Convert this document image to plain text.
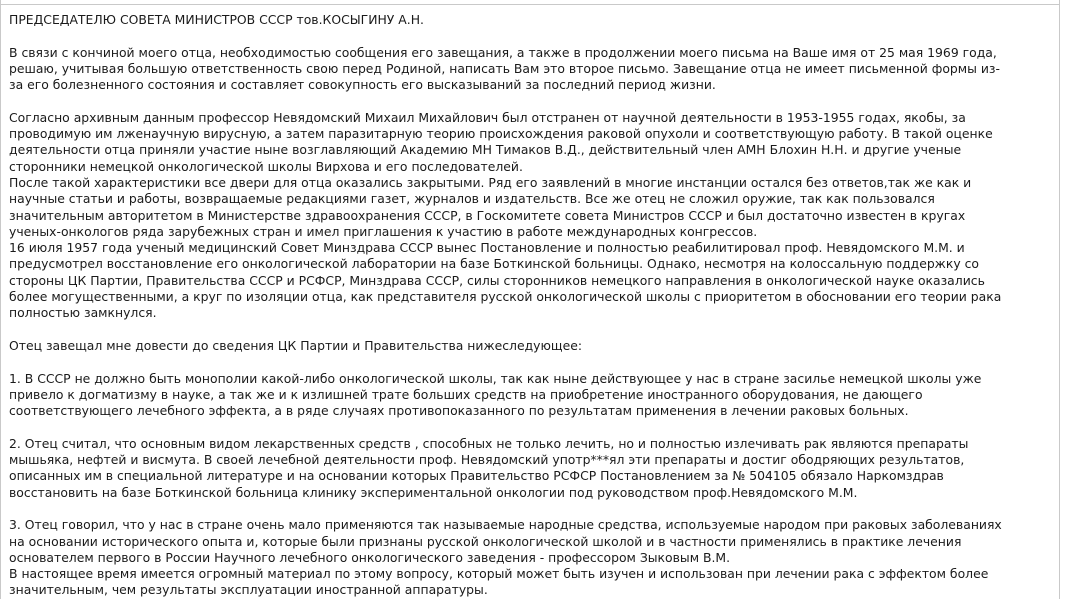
ПРЕДСЕДАТЕЛЮ СОВЕТА МИНИСТРОВ СССР тов.КОСЫГИНУ А.Н.

В связи с кончиной моего отца, необходимостью сообщения его завещания, а также в продолжении моего письма на Ваше имя от 25 мая 1969 года,

решаю, учитывая большую ответственность свою перед Родиной, написать Вам это второе письмо. Завещание отца не имеет письменной формы из-

за его болезненного состояния и составляет совокупность его высказываний за последний период жизни.

Согласно архивным данным профессор Невядомский Михаил Михайлович был отстранен от научной деятельности в 1953-1955 годах, якобы, за

проводимую им лженаучную вирусную, а затем паразитарную теорию происхождения раковой опухоли и соответствующую работу. В такой оценке

деятельности отца приняли участие ныне возглавляющий Академию МН Тимаков В.Д., действительный член АМН Блохин Н.Н. и другие ученые

сторонники немецкой онкологической школы Вирхова и его последователей.

После такой характеристики все двери для отца оказались закрытыми. Ряд его заявлений в многие инстанции остался без ответов,так же как и

научные статьи и работы, возвращаемые редакциями газет, журналов и издательств. Все же отец не сложил оружие, так как пользовался

значительным авторитетом в Министерстве здравоохранения СССР, в Госкомитете совета Министров СССР и был достаточно известен в кругах

ученых-онкологов ряда зарубежных стран и имел приглашения к участию в работе международных конгрессов.

16 июля 1957 года ученый медицинский Совет Минздрава СССР вынес Постановление и полностью реабилитировал проф. Невядомского М.М. и

предусмотрел восстановление его онкологической лаборатории на базе Боткинской больницы. Однако, несмотря на колоссальную поддержку со

стороны ЦК Партии, Правительства СССР и РСФСР, Минздрава СССР, силы сторонников немецкого направления в онкологической науке оказались

более могущественными, а круг по изоляции отца, как представителя русской онкологической школы с приоритетом в обосновании его теории рака

полностью замкнулся.

Отец завещал мне довести до сведения ЦК Партии и Правительства нижеследующее:

1. В СССР не должно быть монополии какой-либо онкологической школы, так как ныне действующее у нас в стране засилье немецкой школы уже

привело к догматизму в науке, а так же и к излишней трате больших средств на приобретение иностранного оборудования, не дающего

соответствующего лечебного эффекта, а в ряде случаях противопоказанного по результатам применения в лечении раковых больных.

2. Отец считал, что основным видом лекарственных средств , способных не только лечить, но и полностью излечивать рак являются препараты

мышьяка, нефтей и висмута. В своей лечебной деятельности проф. Невядомский употр***ял эти препараты и достиг ободряющих результатов,

описанных им в специальной литературе и на основании которых Правительство РСФСР Постановлением за № 504105 обязало Наркомздрав

восстановить на базе Боткинской больница клинику экспериментальной онкологии под руководством проф.Невядомского М.М.

3. Отец говорил, что у нас в стране очень мало применяются так называемые народные средства, используемые народом при раковых заболеваниях

на основании исторического опыта и, которые были признаны русской онкологической школой и в частности применялись в практике лечения

основателем первого в России Научного лечебного онкологического заведения - профессором Зыковым В.М.

В настоящее время имеется огромный материал по этому вопросу, который может быть изучен и использован при лечении рака с эффектом более

значительным, чем результаты эксплуатации иностранной аппаратуры.
